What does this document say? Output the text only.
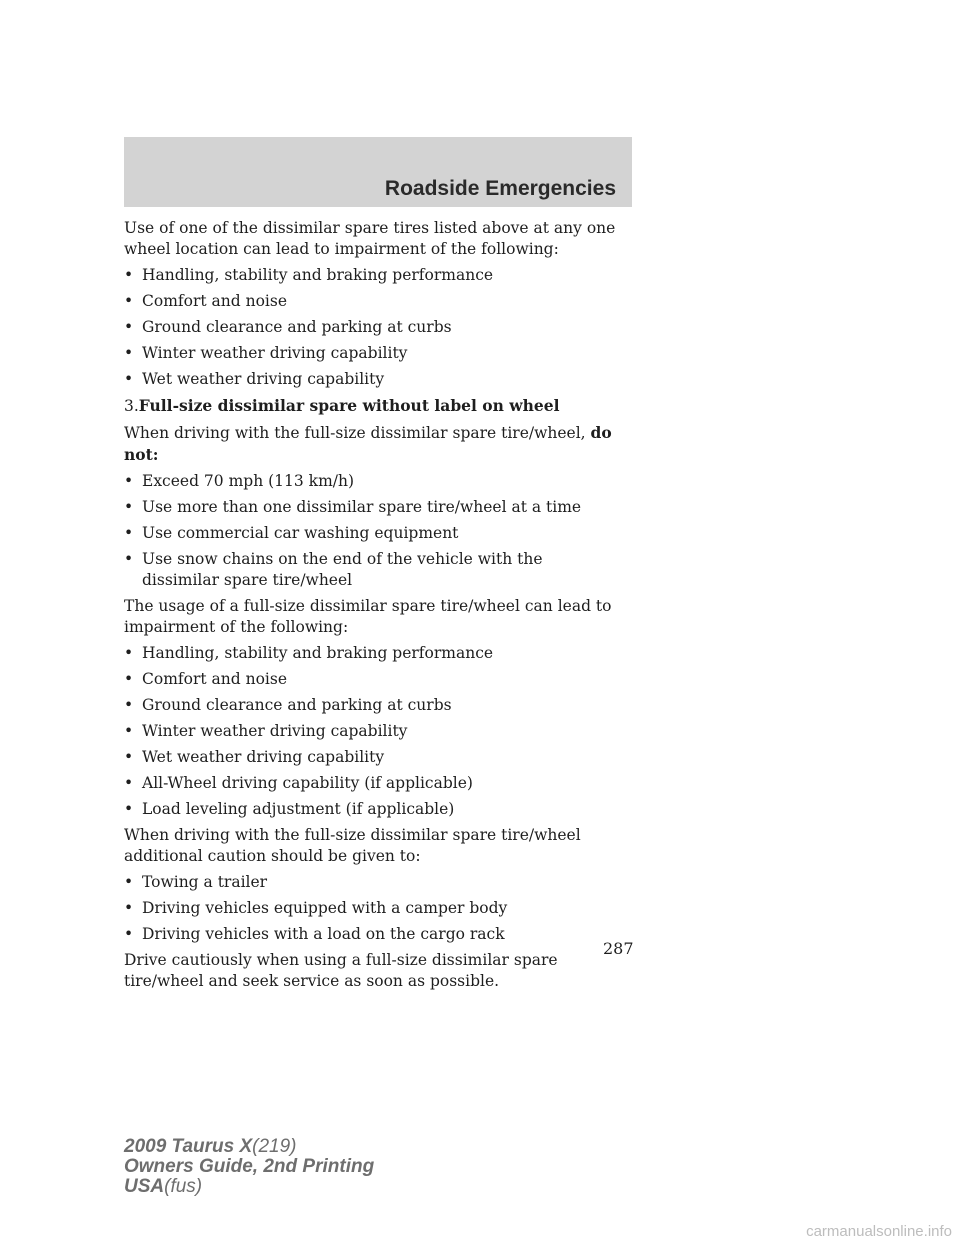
Roadside Emergencies

Use of one of the dissimilar spare tires listed above at any one wheel location can lead to impairment of the following:

• Handling, stability and braking performance
• Comfort and noise
• Ground clearance and parking at curbs
• Winter weather driving capability
• Wet weather driving capability

3.Full-size dissimilar spare without label on wheel

When driving with the full-size dissimilar spare tire/wheel, do not:

• Exceed 70 mph (113 km/h)
• Use more than one dissimilar spare tire/wheel at a time
• Use commercial car washing equipment
• Use snow chains on the end of the vehicle with the dissimilar spare tire/wheel

The usage of a full-size dissimilar spare tire/wheel can lead to impairment of the following:

• Handling, stability and braking performance
• Comfort and noise
• Ground clearance and parking at curbs
• Winter weather driving capability
• Wet weather driving capability
• All-Wheel driving capability (if applicable)
• Load leveling adjustment (if applicable)

When driving with the full-size dissimilar spare tire/wheel additional caution should be given to:

• Towing a trailer
• Driving vehicles equipped with a camper body
• Driving vehicles with a load on the cargo rack

Drive cautiously when using a full-size dissimilar spare tire/wheel and seek service as soon as possible.

287
2009 Taurus X(219)
Owners Guide, 2nd Printing
USA(fus)
carmanualsonline.info
